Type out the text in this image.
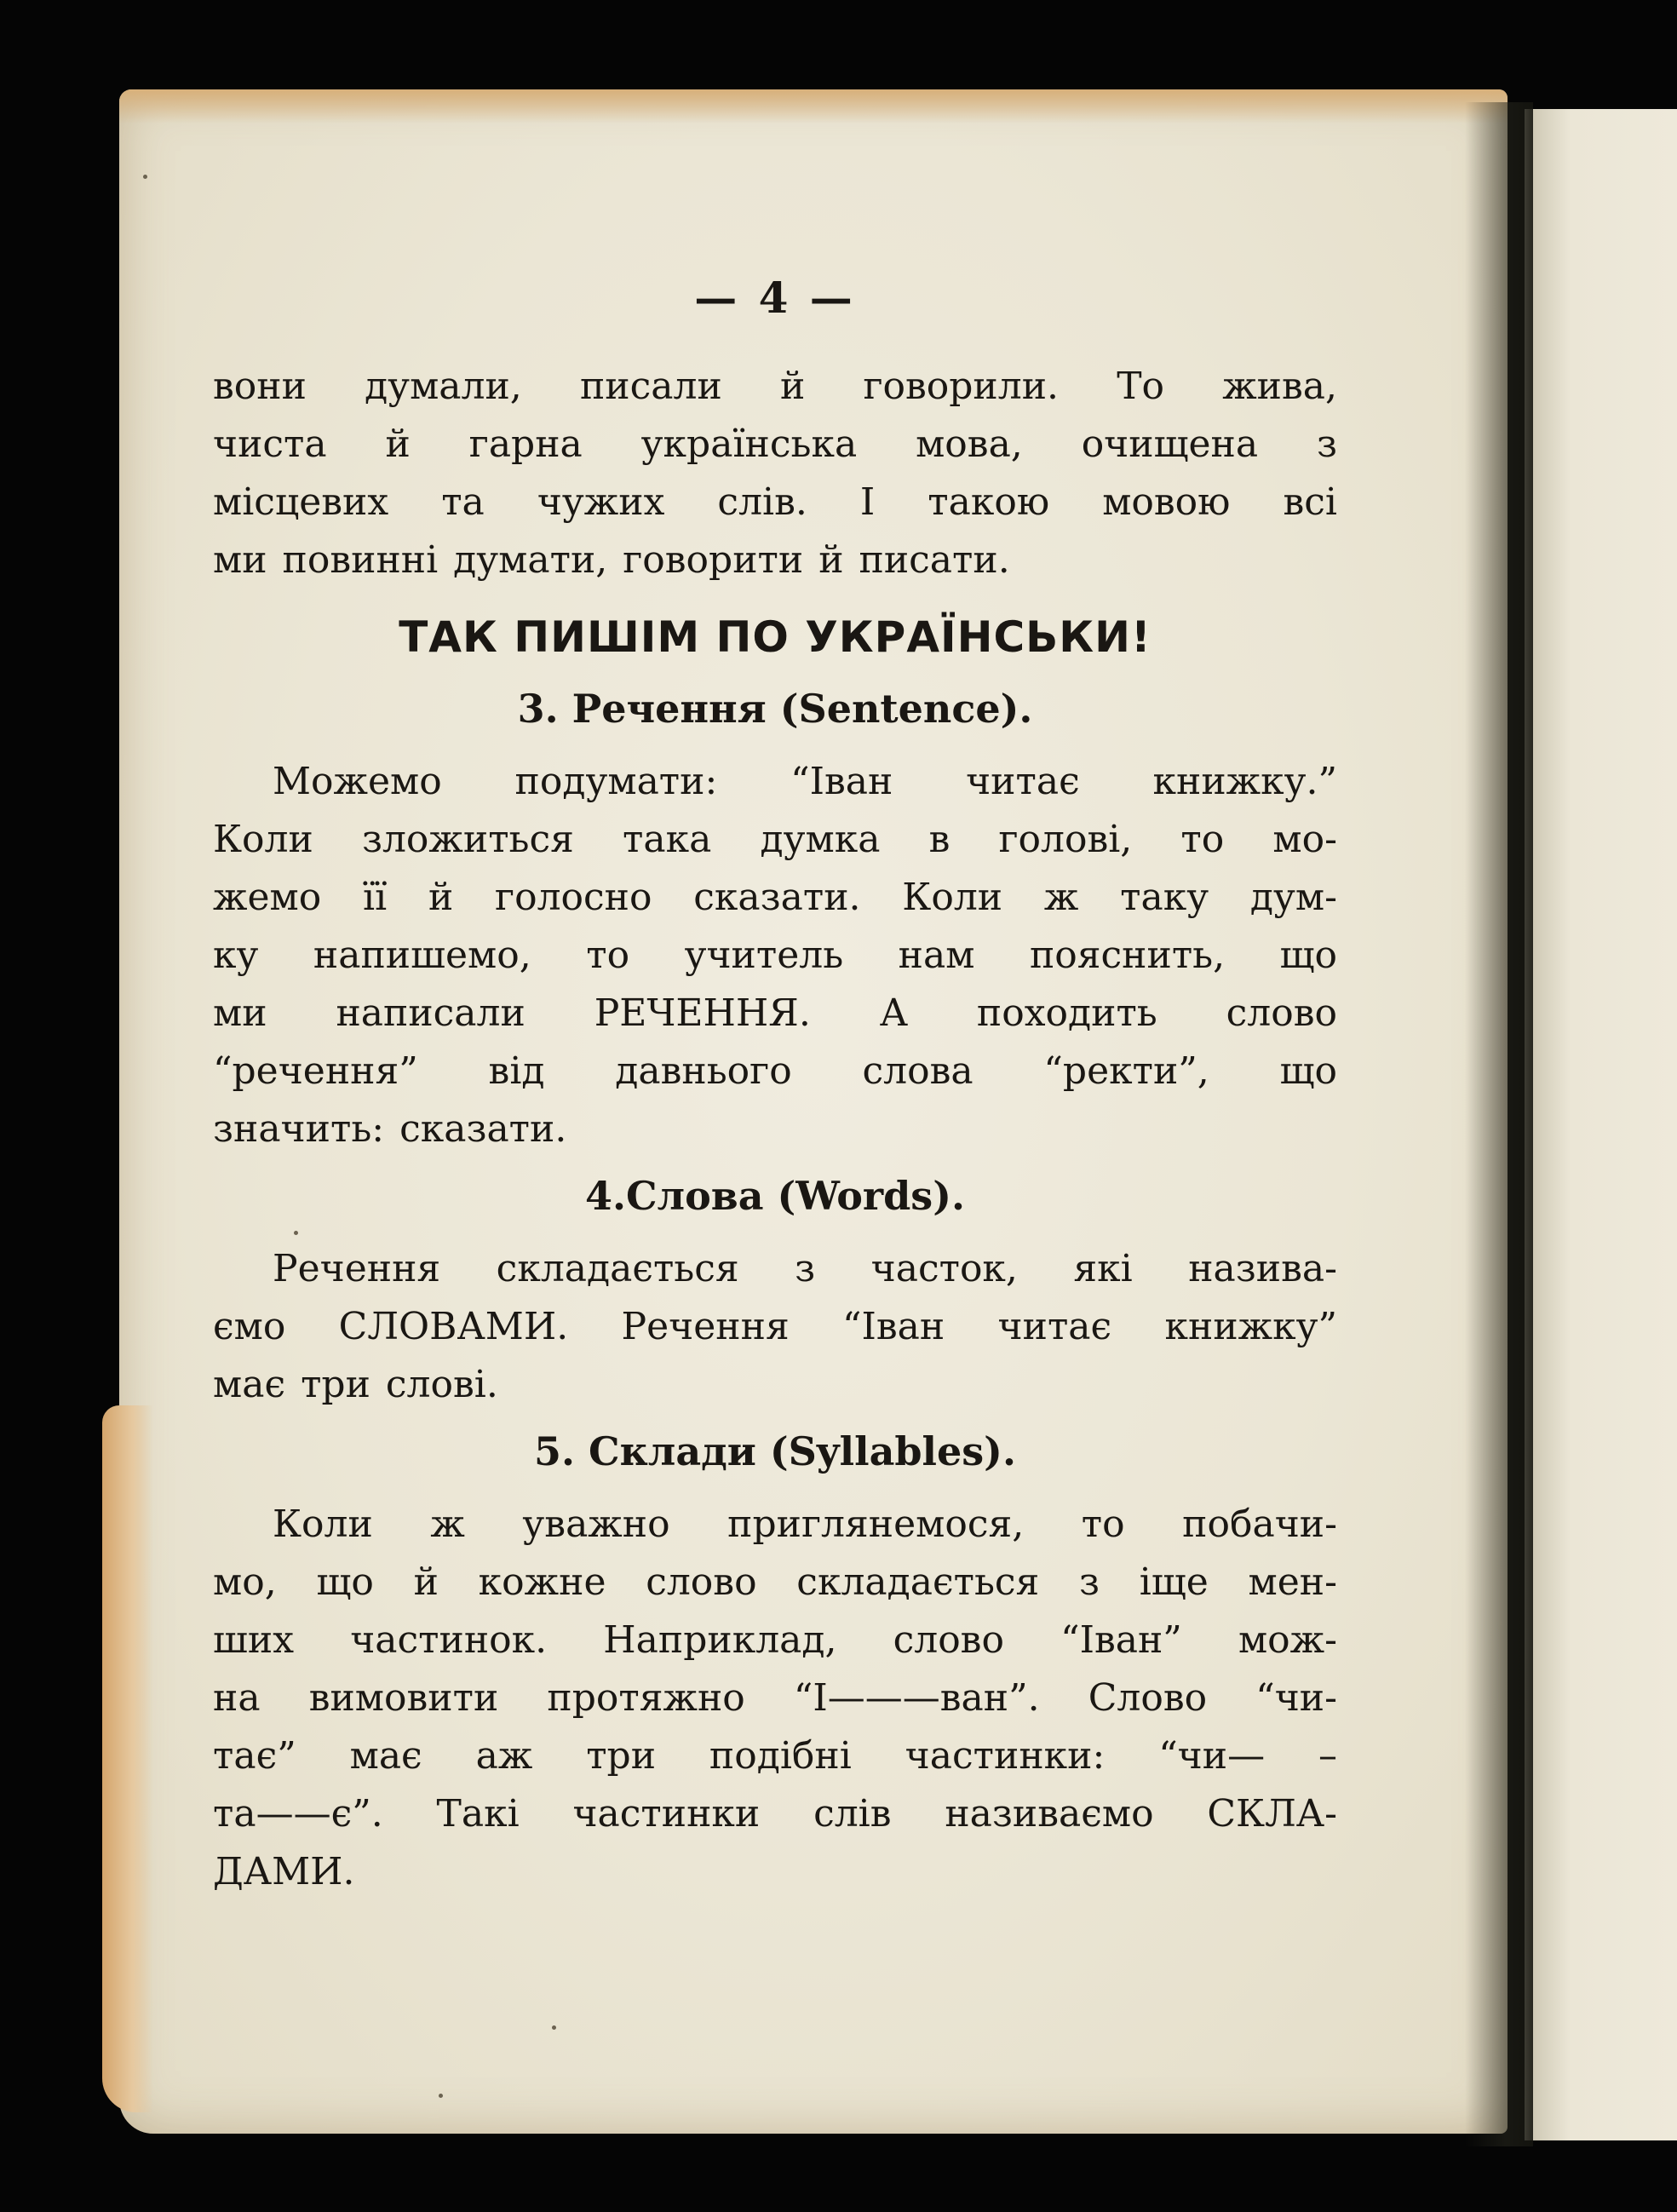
— 4 —
вони думали, писали й говорили. То жива,
чиста й гарна українська мова, очищена з
місцевих та чужих слів. І такою мовою всі
ми повинні думати, говорити й писати.
ТАК ПИШІМ ПО УКРАЇНСЬКИ!
3. Речення (Sentence).
Можемо подумати: “Іван читає книжку.”
Коли зложиться така думка в голові, то мо-
жемо її й голосно сказати. Коли ж таку дум-
ку напишемо, то учитель нам пояснить, що
ми написали РЕЧЕННЯ. А походить слово
“речення” від давнього слова “ректи”, що
значить: сказати.
4.Слова (Words).
Речення складається з часток, які назива-
ємо СЛОВАМИ. Речення “Іван читає книжку”
має три слові.
5. Склади (Syllables).
Коли ж уважно приглянемося, то побачи-
мо, що й кожне слово складається з іще мен-
ших частинок. Наприклад, слово “Іван” мож-
на вимовити протяжно “І———ван”. Слово “чи-
тає” має аж три подібні частинки: “чи— –
та——є”. Такі частинки слів називаємо СКЛА-
ДАМИ.
